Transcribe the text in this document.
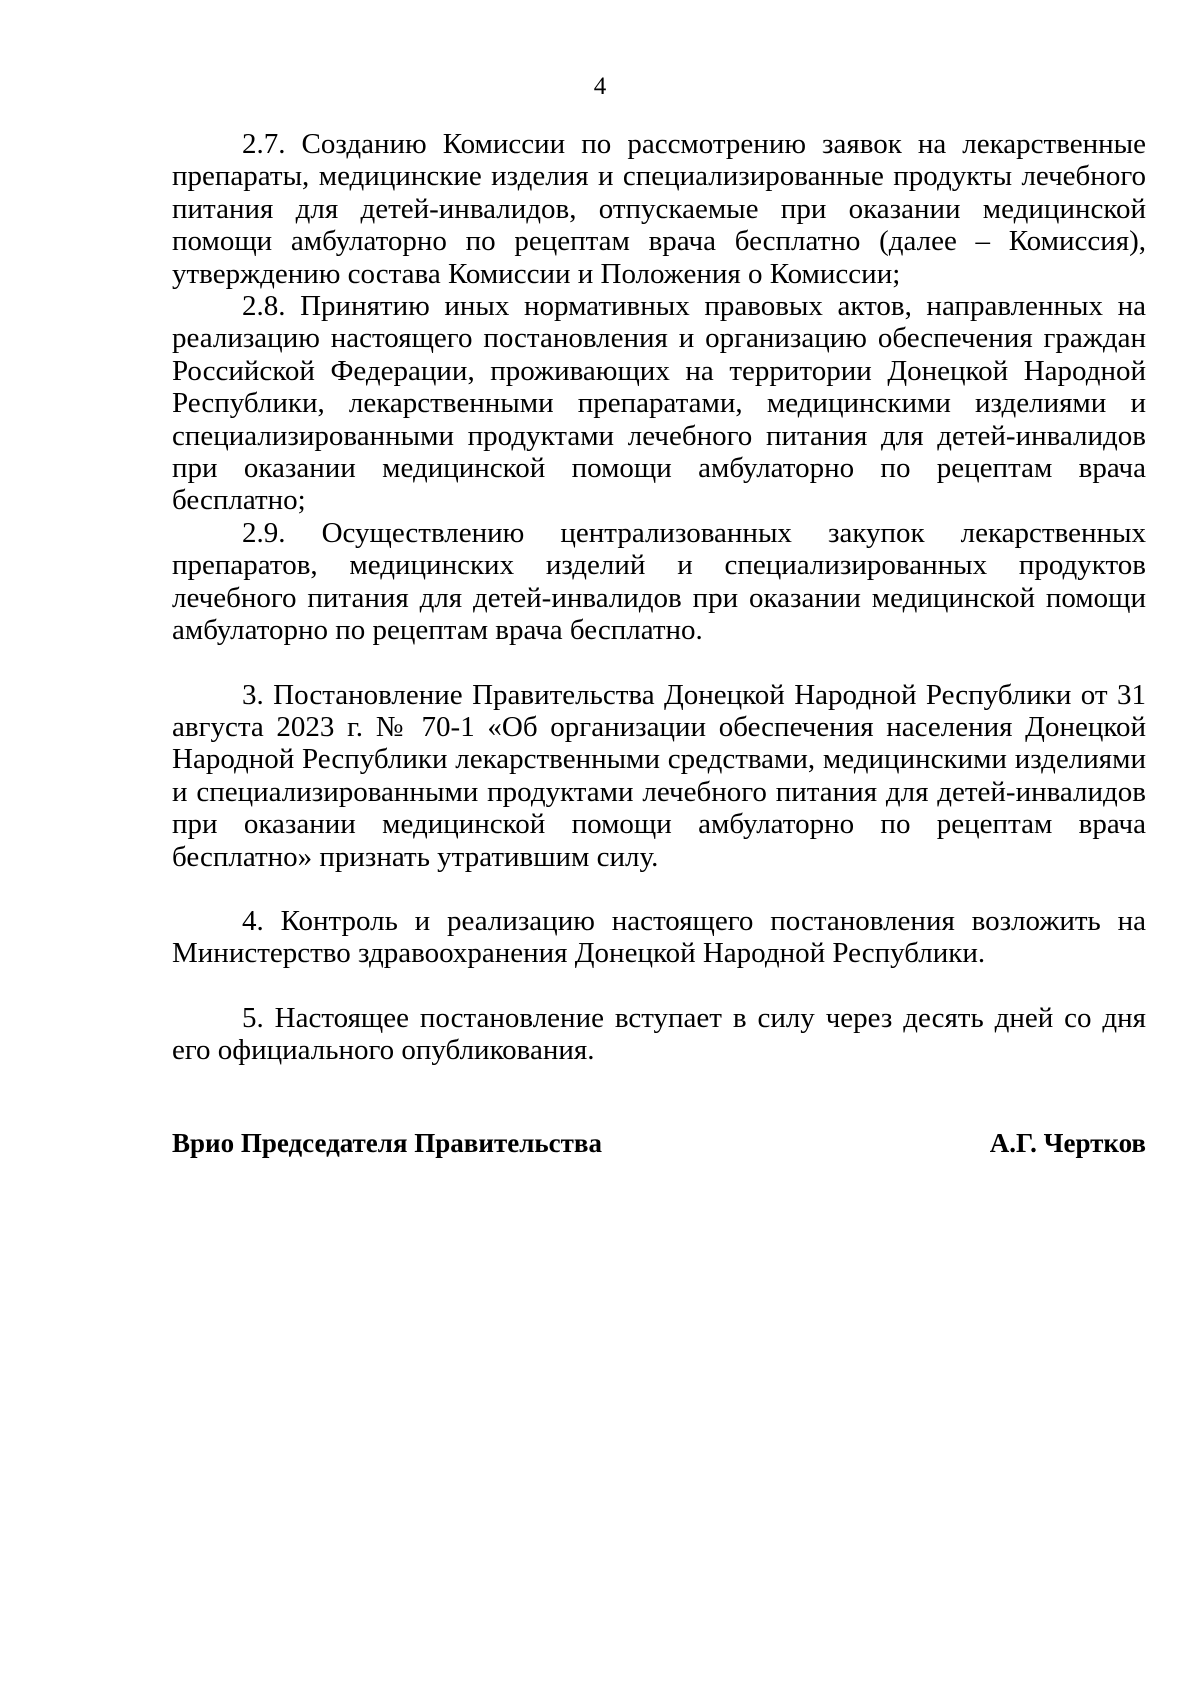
4

2.7. Созданию Комиссии по рассмотрению заявок на лекарственные препараты, медицинские изделия и специализированные продукты лечебного питания для детей-инвалидов, отпускаемые при оказании медицинской помощи амбулаторно по рецептам врача бесплатно (далее – Комиссия), утверждению состава Комиссии и Положения о Комиссии;

2.8. Принятию иных нормативных правовых актов, направленных на реализацию настоящего постановления и организацию обеспечения граждан Российской Федерации, проживающих на территории Донецкой Народной Республики, лекарственными препаратами, медицинскими изделиями и специализированными продуктами лечебного питания для детей-инвалидов при оказании медицинской помощи амбулаторно по рецептам врача бесплатно;

2.9. Осуществлению централизованных закупок лекарственных препаратов, медицинских изделий и специализированных продуктов лечебного питания для детей-инвалидов при оказании медицинской помощи амбулаторно по рецептам врача бесплатно.

3. Постановление Правительства Донецкой Народной Республики от 31 августа 2023 г. № 70-1 «Об организации обеспечения населения Донецкой Народной Республики лекарственными средствами, медицинскими изделиями и специализированными продуктами лечебного питания для детей-инвалидов при оказании медицинской помощи амбулаторно по рецептам врача бесплатно» признать утратившим силу.

4. Контроль и реализацию настоящего постановления возложить на Министерство здравоохранения Донецкой Народной Республики.

5. Настоящее постановление вступает в силу через десять дней со дня его официального опубликования.

Врио Председателя Правительства	А.Г. Чертков
